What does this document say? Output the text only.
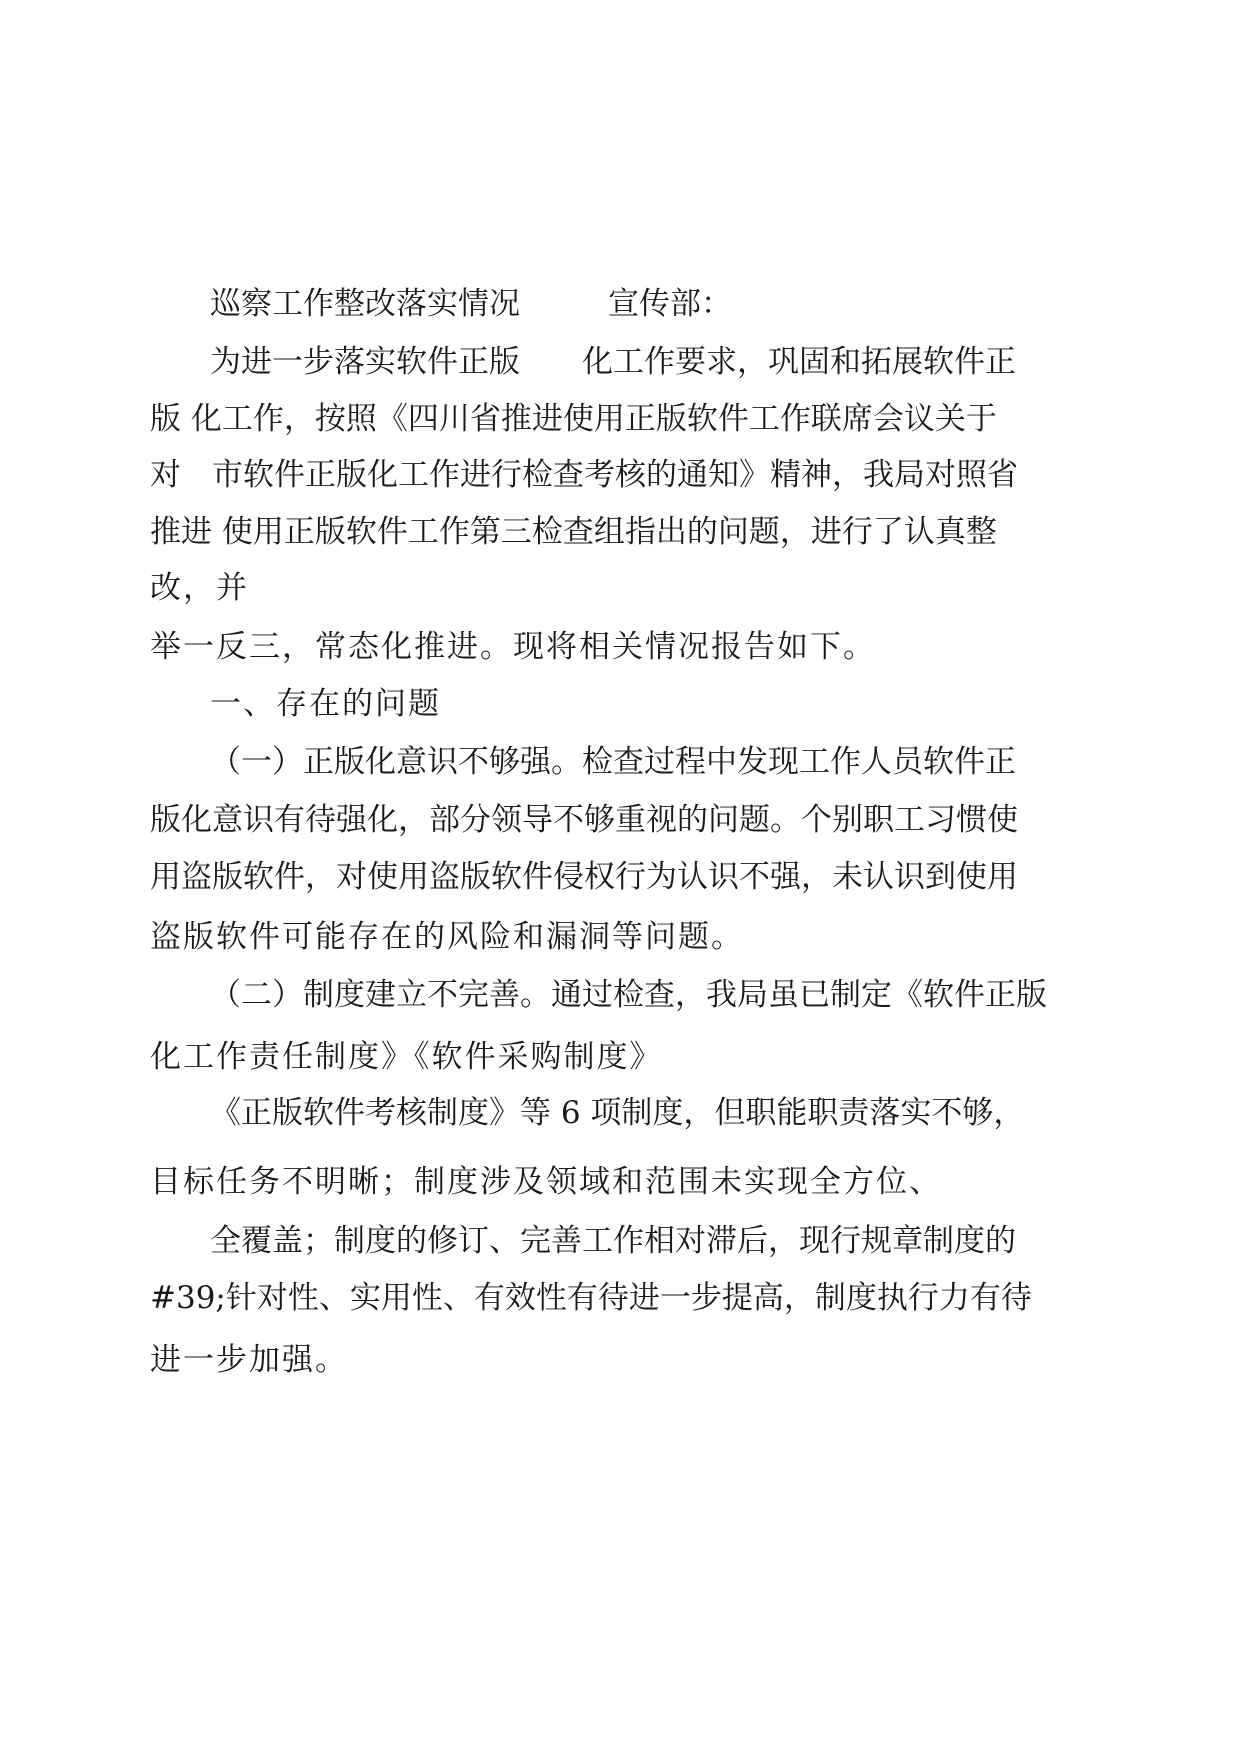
巡察工作整改落实情况	宣传部：
为进一步落实软件正版　　化工作要求，巩固和拓展软件正
版 化工作，按照《四川省推进使用正版软件工作联席会议关于
对　市软件正版化工作进行检查考核的通知》精神，我局对照省
推进 使用正版软件工作第三检查组指出的问题，进行了认真整
改，并
举一反三，常态化推进。现将相关情况报告如下。
一、存在的问题
（一）正版化意识不够强。检查过程中发现工作人员软件正
版化意识有待强化，部分领导不够重视的问题。个别职工习惯使
用盗版软件，对使用盗版软件侵权行为认识不强，未认识到使用
盗版软件可能存在的风险和漏洞等问题。
（二）制度建立不完善。通过检查，我局虽已制定《软件正版
化工作责任制度》《软件采购制度》
《正版软件考核制度》等 6 项制度，但职能职责落实不够，
目标任务不明晰；制度涉及领域和范围未实现全方位、
全覆盖；制度的修订、完善工作相对滞后，现行规章制度的
#39;针对性、实用性、有效性有待进一步提高，制度执行力有待
进一步加强。
